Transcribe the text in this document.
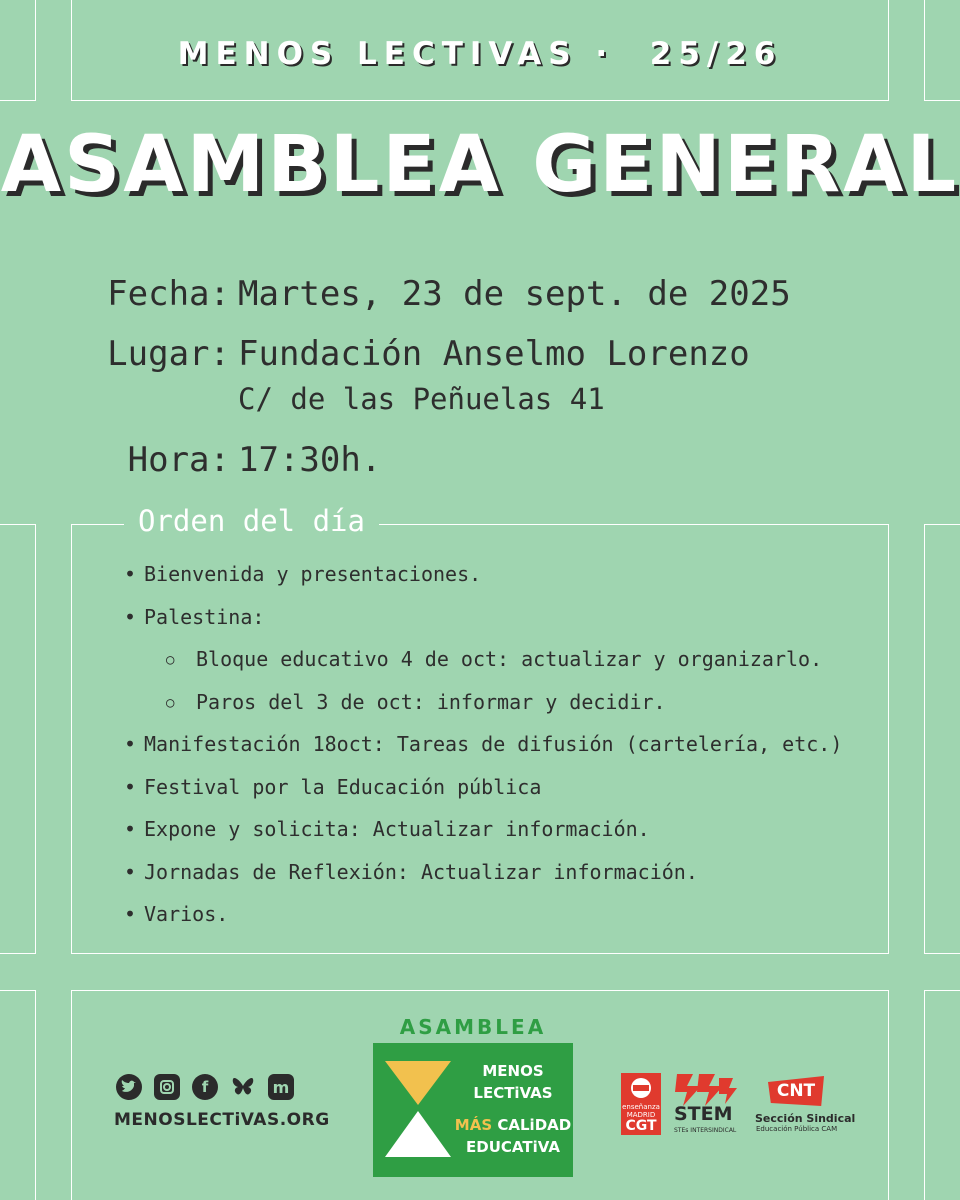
MENOS LECTIVAS ·  25/26
ASAMBLEA GENERAL
Fecha: Martes, 23 de sept. de 2025
Lugar: Fundación Anselmo Lorenzo
C/ de las Peñuelas 41
Hora: 17:30h.
Orden del día
• Bienvenida y presentaciones.
• Palestina:
○ Bloque educativo 4 de oct: actualizar y organizarlo.
○ Paros del 3 de oct: informar y decidir.
• Manifestación 18oct: Tareas de difusión (cartelería, etc.)
• Festival por la Educación pública
• Expone y solicita: Actualizar información.
• Jornadas de Reflexión: Actualizar información.
• Varios.
f	m
MENOSLECTiVAS.ORG
ASAMBLEA
MENOS
LECTiVAS
MÁS CALiDAD
EDUCATiVA
enseñanza
MADRID
CGT
STEM
STEs INTERSINDICAL
CNT
Sección Sindical
Educación Pública CAM
